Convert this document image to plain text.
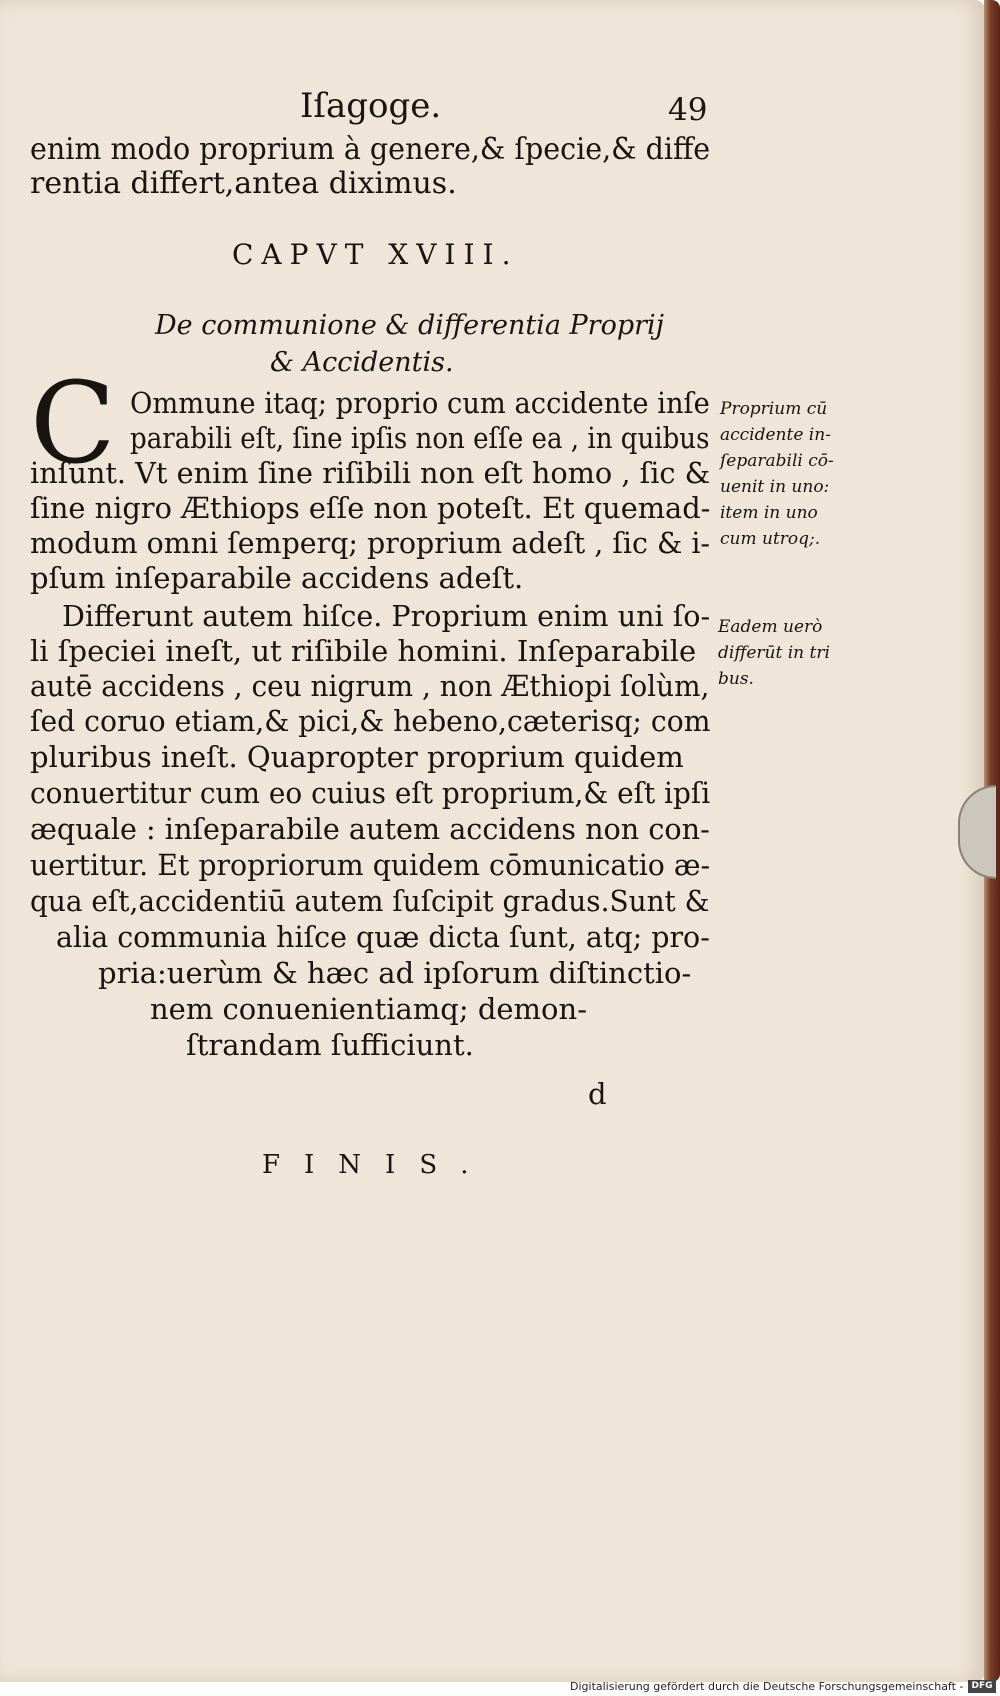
Iſagoge.	49
enim modo proprium à genere,& ſpecie,& diffe
rentia differt,antea diximus.
CAPVT XVIII.
De communione & differentia Proprij
& Accidentis.
C Ommune itaq; proprio cum accidente inſe
parabili eſt, ſine ipſis non eſſe ea , in quibus
inſunt. Vt enim ſine riſibili non eſt homo , ſic &
ſine nigro Æthiops eſſe non poteſt. Et quemad-
modum omni ſemperq; proprium adeſt , ſic & i-
pſum inſeparabile accidens adeſt.
Differunt autem hiſce. Proprium enim uni ſo-
li ſpeciei ineſt, ut riſibile homini. Inſeparabile
autē accidens , ceu nigrum , non Æthiopi ſolùm,
ſed coruo etiam,& pici,& hebeno,cæterisq; com
pluribus ineſt. Quapropter proprium quidem
conuertitur cum eo cuius eſt proprium,& eſt ipſi
æquale : inſeparabile autem accidens non con-
uertitur. Et propriorum quidem cōmunicatio æ-
qua eſt,accidentiū autem ſuſcipit gradus.Sunt &
alia communia hiſce quæ dicta ſunt, atq; pro-
pria:uerùm & hæc ad ipſorum diſtinctio-
nem conuenientiamq; demon-
ſtrandam ſufficiunt.
Proprium cū
accidente in-
ſeparabili cō-
uenit in uno:
item in uno
cum utroq;.
Eadem uerò
differūt in tri
bus.
d
FINIS.
Digitalisierung gefördert durch die Deutsche Forschungsgemeinschaft - DFG
